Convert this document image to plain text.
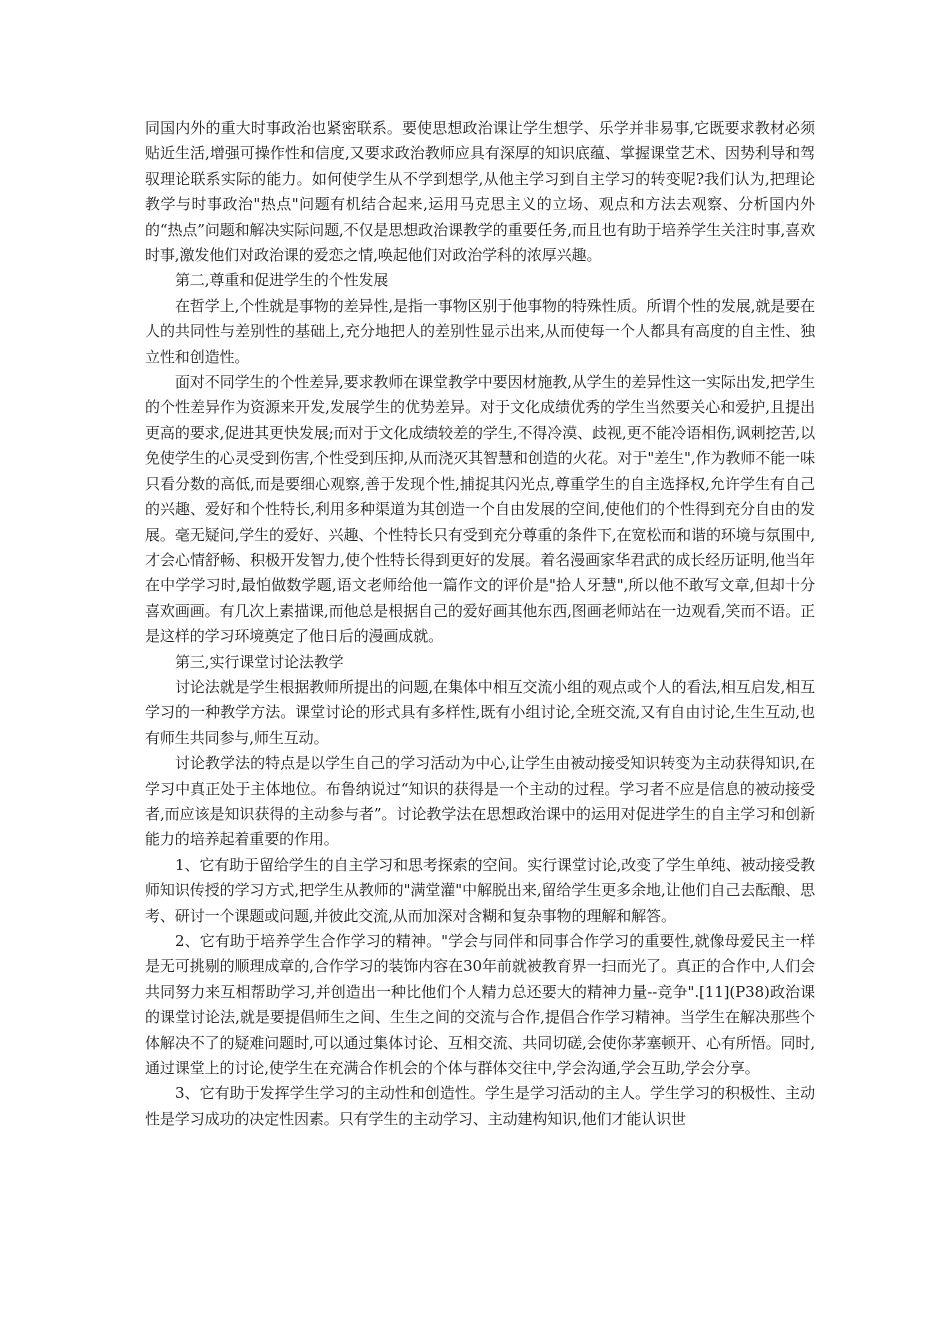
同国内外的重大时事政治也紧密联系。要使思想政治课让学生想学、乐学并非易事,它既要求教材必须贴近生活,增强可操作性和信度,又要求政治教师应具有深厚的知识底蕴、掌握课堂艺术、因势利导和驾驭理论联系实际的能力。如何使学生从不学到想学,从他主学习到自主学习的转变呢?我们认为,把理论教学与时事政治"热点"问题有机结合起来,运用马克思主义的立场、观点和方法去观察、分析国内外的“热点”问题和解决实际问题,不仅是思想政治课教学的重要任务,而且也有助于培养学生关注时事,喜欢时事,激发他们对政治课的爱恋之情,唤起他们对政治学科的浓厚兴趣。

第二,尊重和促进学生的个性发展

在哲学上,个性就是事物的差异性,是指一事物区别于他事物的特殊性质。所谓个性的发展,就是要在人的共同性与差别性的基础上,充分地把人的差别性显示出来,从而使每一个人都具有高度的自主性、独立性和创造性。

面对不同学生的个性差异,要求教师在课堂教学中要因材施教,从学生的差异性这一实际出发,把学生的个性差异作为资源来开发,发展学生的优势差异。对于文化成绩优秀的学生当然要关心和爱护,且提出更高的要求,促进其更快发展;而对于文化成绩较差的学生,不得冷漠、歧视,更不能冷语相伤,讽刺挖苦,以免使学生的心灵受到伤害,个性受到压抑,从而浇灭其智慧和创造的火花。对于"差生",作为教师不能一味只看分数的高低,而是要细心观察,善于发现个性,捕捉其闪光点,尊重学生的自主选择权,允许学生有自己的兴趣、爱好和个性特长,利用多种渠道为其创造一个自由发展的空间,使他们的个性得到充分自由的发展。毫无疑问,学生的爱好、兴趣、个性特长只有受到充分尊重的条件下,在宽松而和谐的环境与氛围中,才会心情舒畅、积极开发智力,使个性特长得到更好的发展。着名漫画家华君武的成长经历证明,他当年在中学学习时,最怕做数学题,语文老师给他一篇作文的评价是"拾人牙慧",所以他不敢写文章,但却十分喜欢画画。有几次上素描课,而他总是根据自己的爱好画其他东西,图画老师站在一边观看,笑而不语。正是这样的学习环境奠定了他日后的漫画成就。

第三,实行课堂讨论法教学

讨论法就是学生根据教师所提出的问题,在集体中相互交流小组的观点或个人的看法,相互启发,相互学习的一种教学方法。课堂讨论的形式具有多样性,既有小组讨论,全班交流,又有自由讨论,生生互动,也有师生共同参与,师生互动。

讨论教学法的特点是以学生自己的学习活动为中心,让学生由被动接受知识转变为主动获得知识,在学习中真正处于主体地位。布鲁纳说过“知识的获得是一个主动的过程。学习者不应是信息的被动接受者,而应该是知识获得的主动参与者”。讨论教学法在思想政治课中的运用对促进学生的自主学习和创新能力的培养起着重要的作用。

1、它有助于留给学生的自主学习和思考探索的空间。实行课堂讨论,改变了学生单纯、被动接受教师知识传授的学习方式,把学生从教师的"满堂灌"中解脱出来,留给学生更多余地,让他们自己去酝酿、思考、研讨一个课题或问题,并彼此交流,从而加深对含糊和复杂事物的理解和解答。

2、它有助于培养学生合作学习的精神。"学会与同伴和同事合作学习的重要性,就像母爱民主一样是无可挑剔的顺理成章的,合作学习的装饰内容在30年前就被教育界一扫而光了。真正的合作中,人们会共同努力来互相帮助学习,并创造出一种比他们个人精力总还要大的精神力量--竞争".[11](P38)政治课的课堂讨论法,就是要提倡师生之间、生生之间的交流与合作,提倡合作学习精神。当学生在解决那些个体解决不了的疑难问题时,可以通过集体讨论、互相交流、共同切磋,会使你茅塞顿开、心有所悟。同时,通过课堂上的讨论,使学生在充满合作机会的个体与群体交往中,学会沟通,学会互助,学会分享。

3、它有助于发挥学生学习的主动性和创造性。学生是学习活动的主人。学生学习的积极性、主动性是学习成功的决定性因素。只有学生的主动学习、主动建构知识,他们才能认识世
